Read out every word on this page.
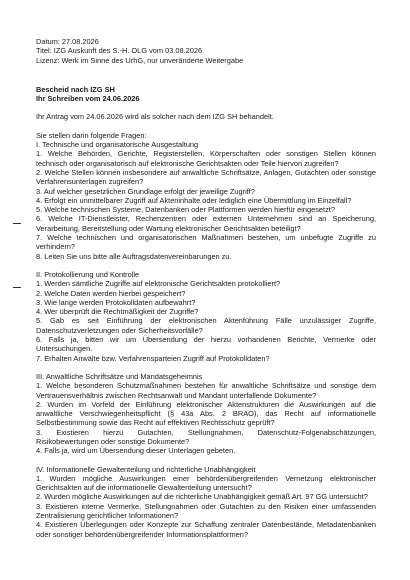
Datum: 27.08.2026
Titel: IZG Auskunft des S.-H. OLG vom 03.08.2026
Lizenz: Werk im Sinne des UrhG, nur unveränderte Weitergabe
Bescheid nach IZG SH
Ihr Schreiben vom 24.06.2026
Ihr Antrag vom 24.06.2026 wird als solcher nach dem IZG SH behandelt.
Sie stellen darin folgende Fragen:
I. Technische und organisatorische Ausgestaltung
1. Welche Behörden, Gerichte, Registerstellen, Körperschaften oder sonstigen Stellen können technisch oder organisatorisch auf elektronische Gerichtsakten oder Teile hiervon zugreifen?
2. Welche Stellen können insbesondere auf anwaltliche Schriftsätze, Anlagen, Gutachten oder sonstige Verfahrensunterlagen zugreifen?
3. Auf welcher gesetzlichen Grundlage erfolgt der jeweilige Zugriff?
4. Erfolgt ein unmittelbarer Zugriff auf Akteninhalte oder lediglich eine Übermittlung im Einzelfall?
5. Welche technischen Systeme, Datenbanken oder Plattformen werden hierfür eingesetzt?
6. Welche IT-Dienstleister, Rechenzentren oder externen Unternehmen sind an Speicherung, Verarbeitung, Bereitstellung oder Wartung elektronischer Gerichtsakten beteiligt?
7. Welche technischen und organisatorischen Maßnahmen bestehen, um unbefugte Zugriffe zu verhindern?
8. Leiten Sie uns bitte alle Auftragsdatenvereinbarungen zu.
II. Protokollierung und Kontrolle
1. Werden sämtliche Zugriffe auf elektronische Gerichtsakten protokolliert?
2. Welche Daten werden hierbei gespeichert?
3. Wie lange werden Protokolldaten aufbewahrt?
4. Wer überprüft die Rechtmäßigkeit der Zugriffe?
5. Gab es seit Einführung der elektronischen Aktenführung Fälle unzulässiger Zugriffe, Datenschutzverletzungen oder Sicherheitsvorfälle?
6. Falls ja, bitten wir um Übersendung der hierzu vorhandenen Berichte, Vermerke oder Untersuchungen.
7. Erhalten Anwälte bzw. Verfahrensparteien Zugriff auf Protokolldaten?
III. Anwaltliche Schriftsätze und Mandatsgeheimnis
1. Welche besonderen Schutzmaßnahmen bestehen für anwaltliche Schriftsätze und sonstige dem Vertrauensverhältnis zwischen Rechtsanwalt und Mandant unterfallende Dokumente?
2. Wurden im Vorfeld der Einführung elektronischer Aktenstrukturen die Auswirkungen auf die anwaltliche Verschwiegenheitspflicht (§ 43a Abs. 2 BRAO), das Recht auf informationelle Selbstbestimmung sowie das Recht auf effektiven Rechtsschutz geprüft?
3. Existieren hierzu Gutachten, Stellungnahmen, Datenschutz-Folgenabschätzungen, Risikobewertungen oder sonstige Dokumente?
4. Falls ja, wird um Übersendung dieser Unterlagen gebeten.
IV. Informationelle Gewaltenteilung und richterliche Unabhängigkeit
1. Wurden mögliche Auswirkungen einer behördenübergreifenden Vernetzung elektronischer Gerichtsakten auf die informationelle Gewaltenteilung untersucht?
2. Wurden mögliche Auswirkungen auf die richterliche Unabhängigkeit gemäß Art. 97 GG untersucht?
3. Existieren interne Vermerke, Stellungnahmen oder Gutachten zu den Risiken einer umfassenden Zentralisierung gerichtlicher Informationen?
4. Existieren Überlegungen oder Konzepte zur Schaffung zentraler Datenbestände, Metadatenbanken oder sonstiger behördenübergreifender Informationsplattformen?
